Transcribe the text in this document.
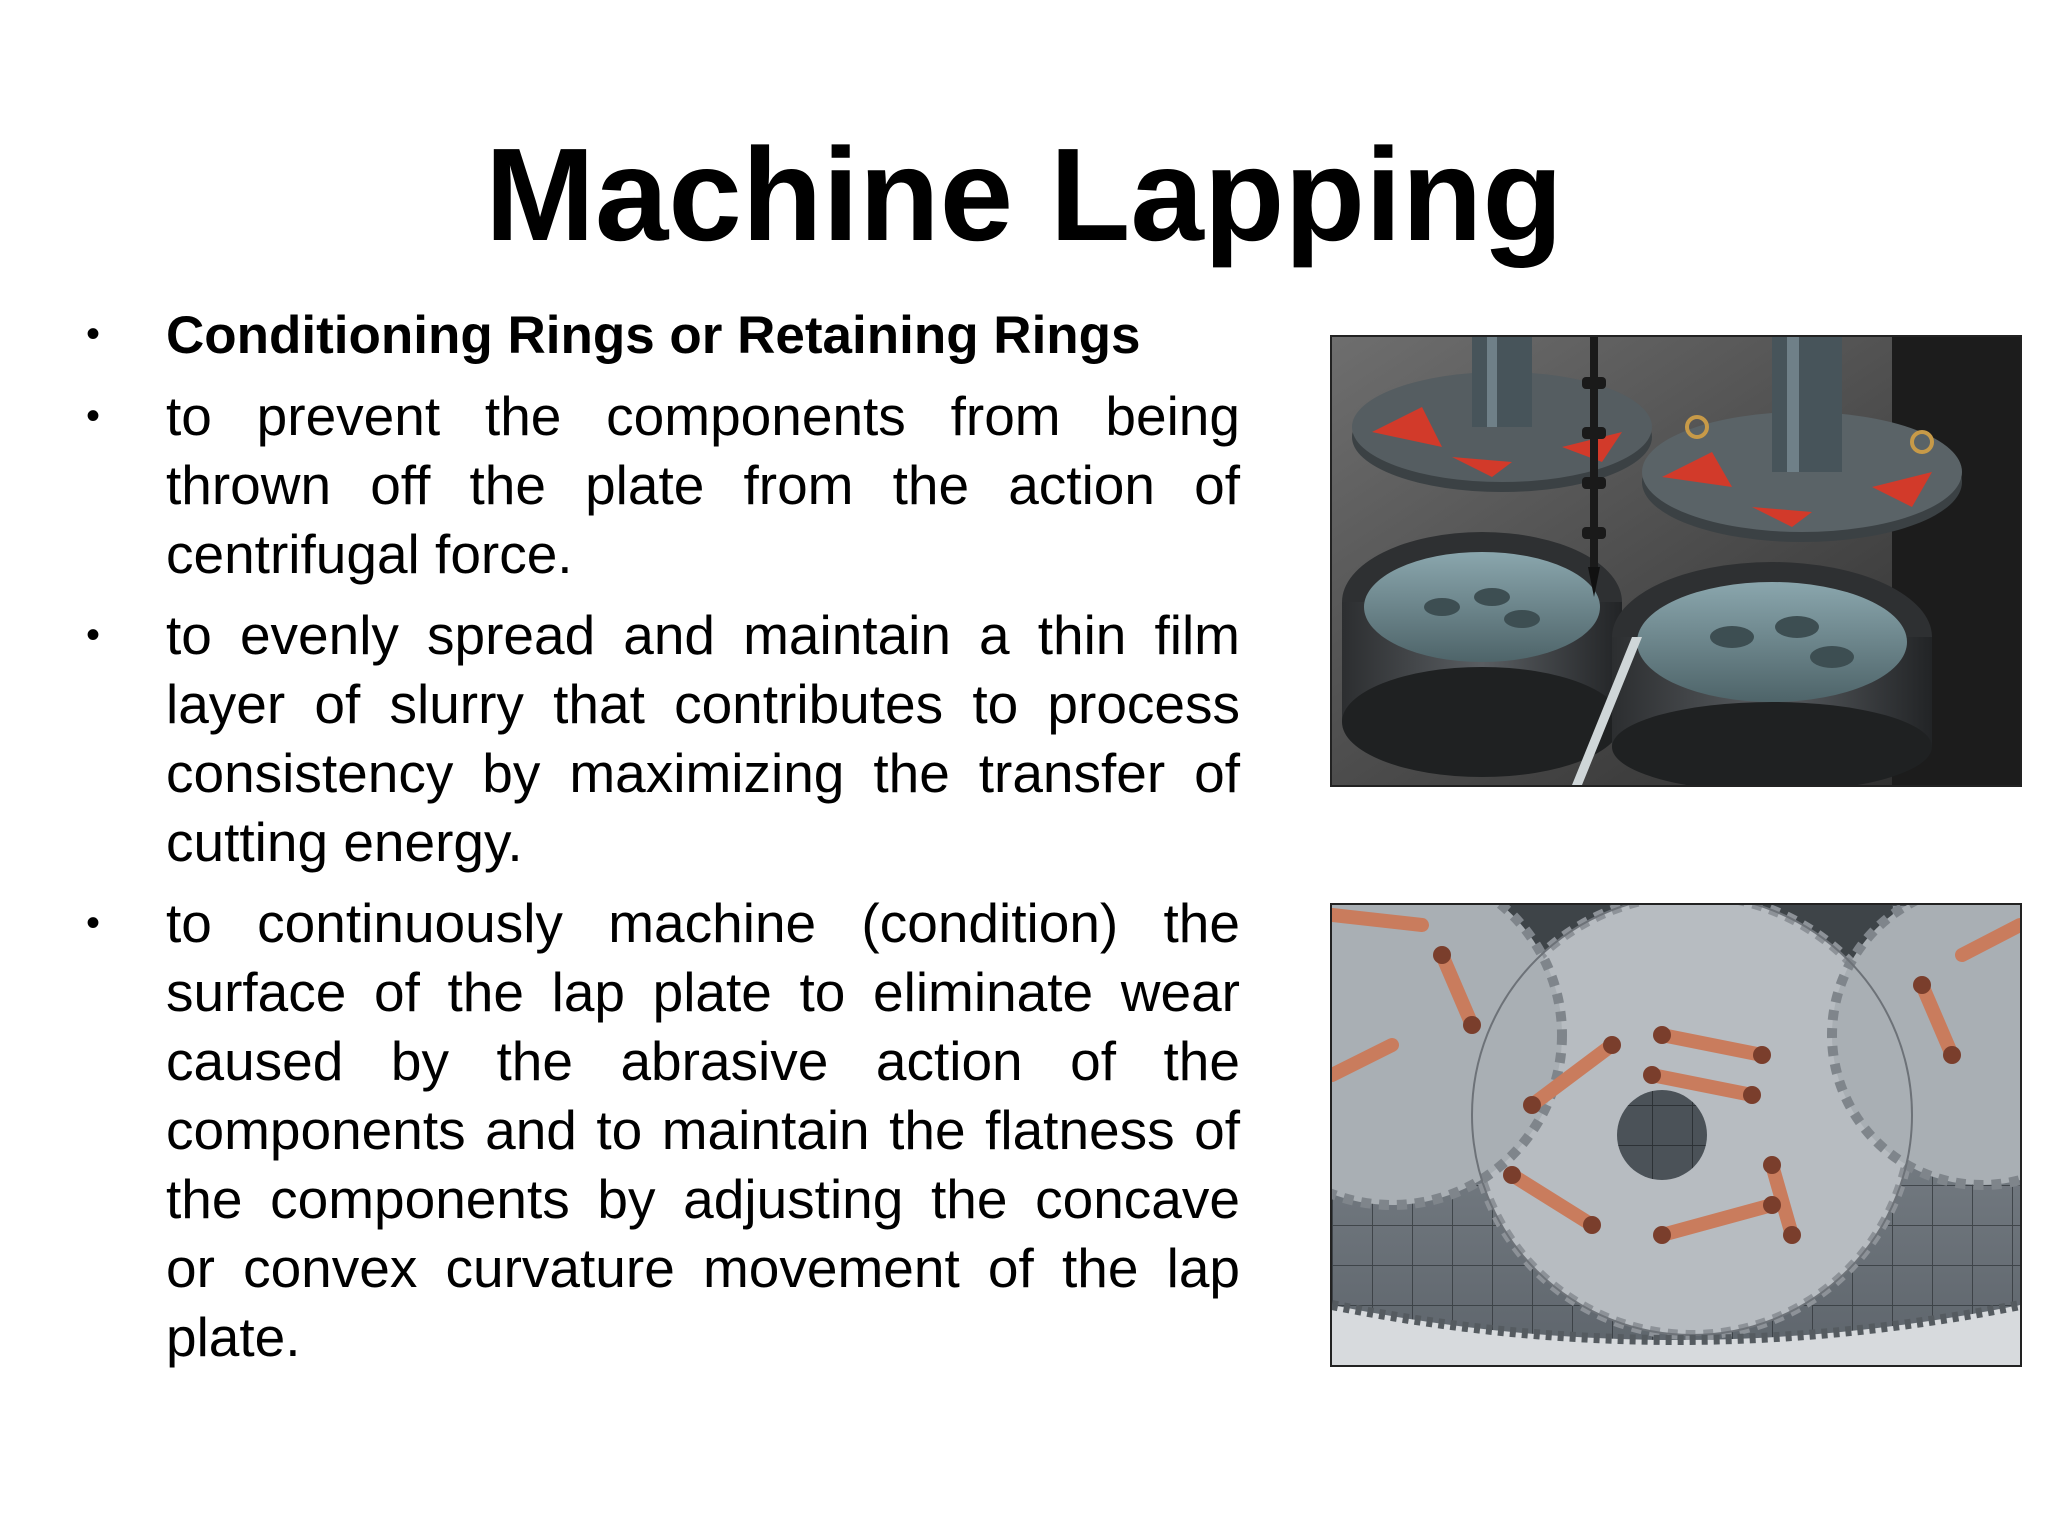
Machine Lapping
• Conditioning Rings or Retaining Rings
• to prevent the components from being thrown off the plate from the action of centrifugal force.
• to evenly spread and maintain a thin film layer of slurry that contributes to process consistency by maximizing the transfer of cutting energy.
• to continuously machine (condition) the surface of the lap plate to eliminate wear caused by the abrasive action of the components and to maintain the flatness of the components by adjusting the concave or convex curvature movement of the lap plate.
